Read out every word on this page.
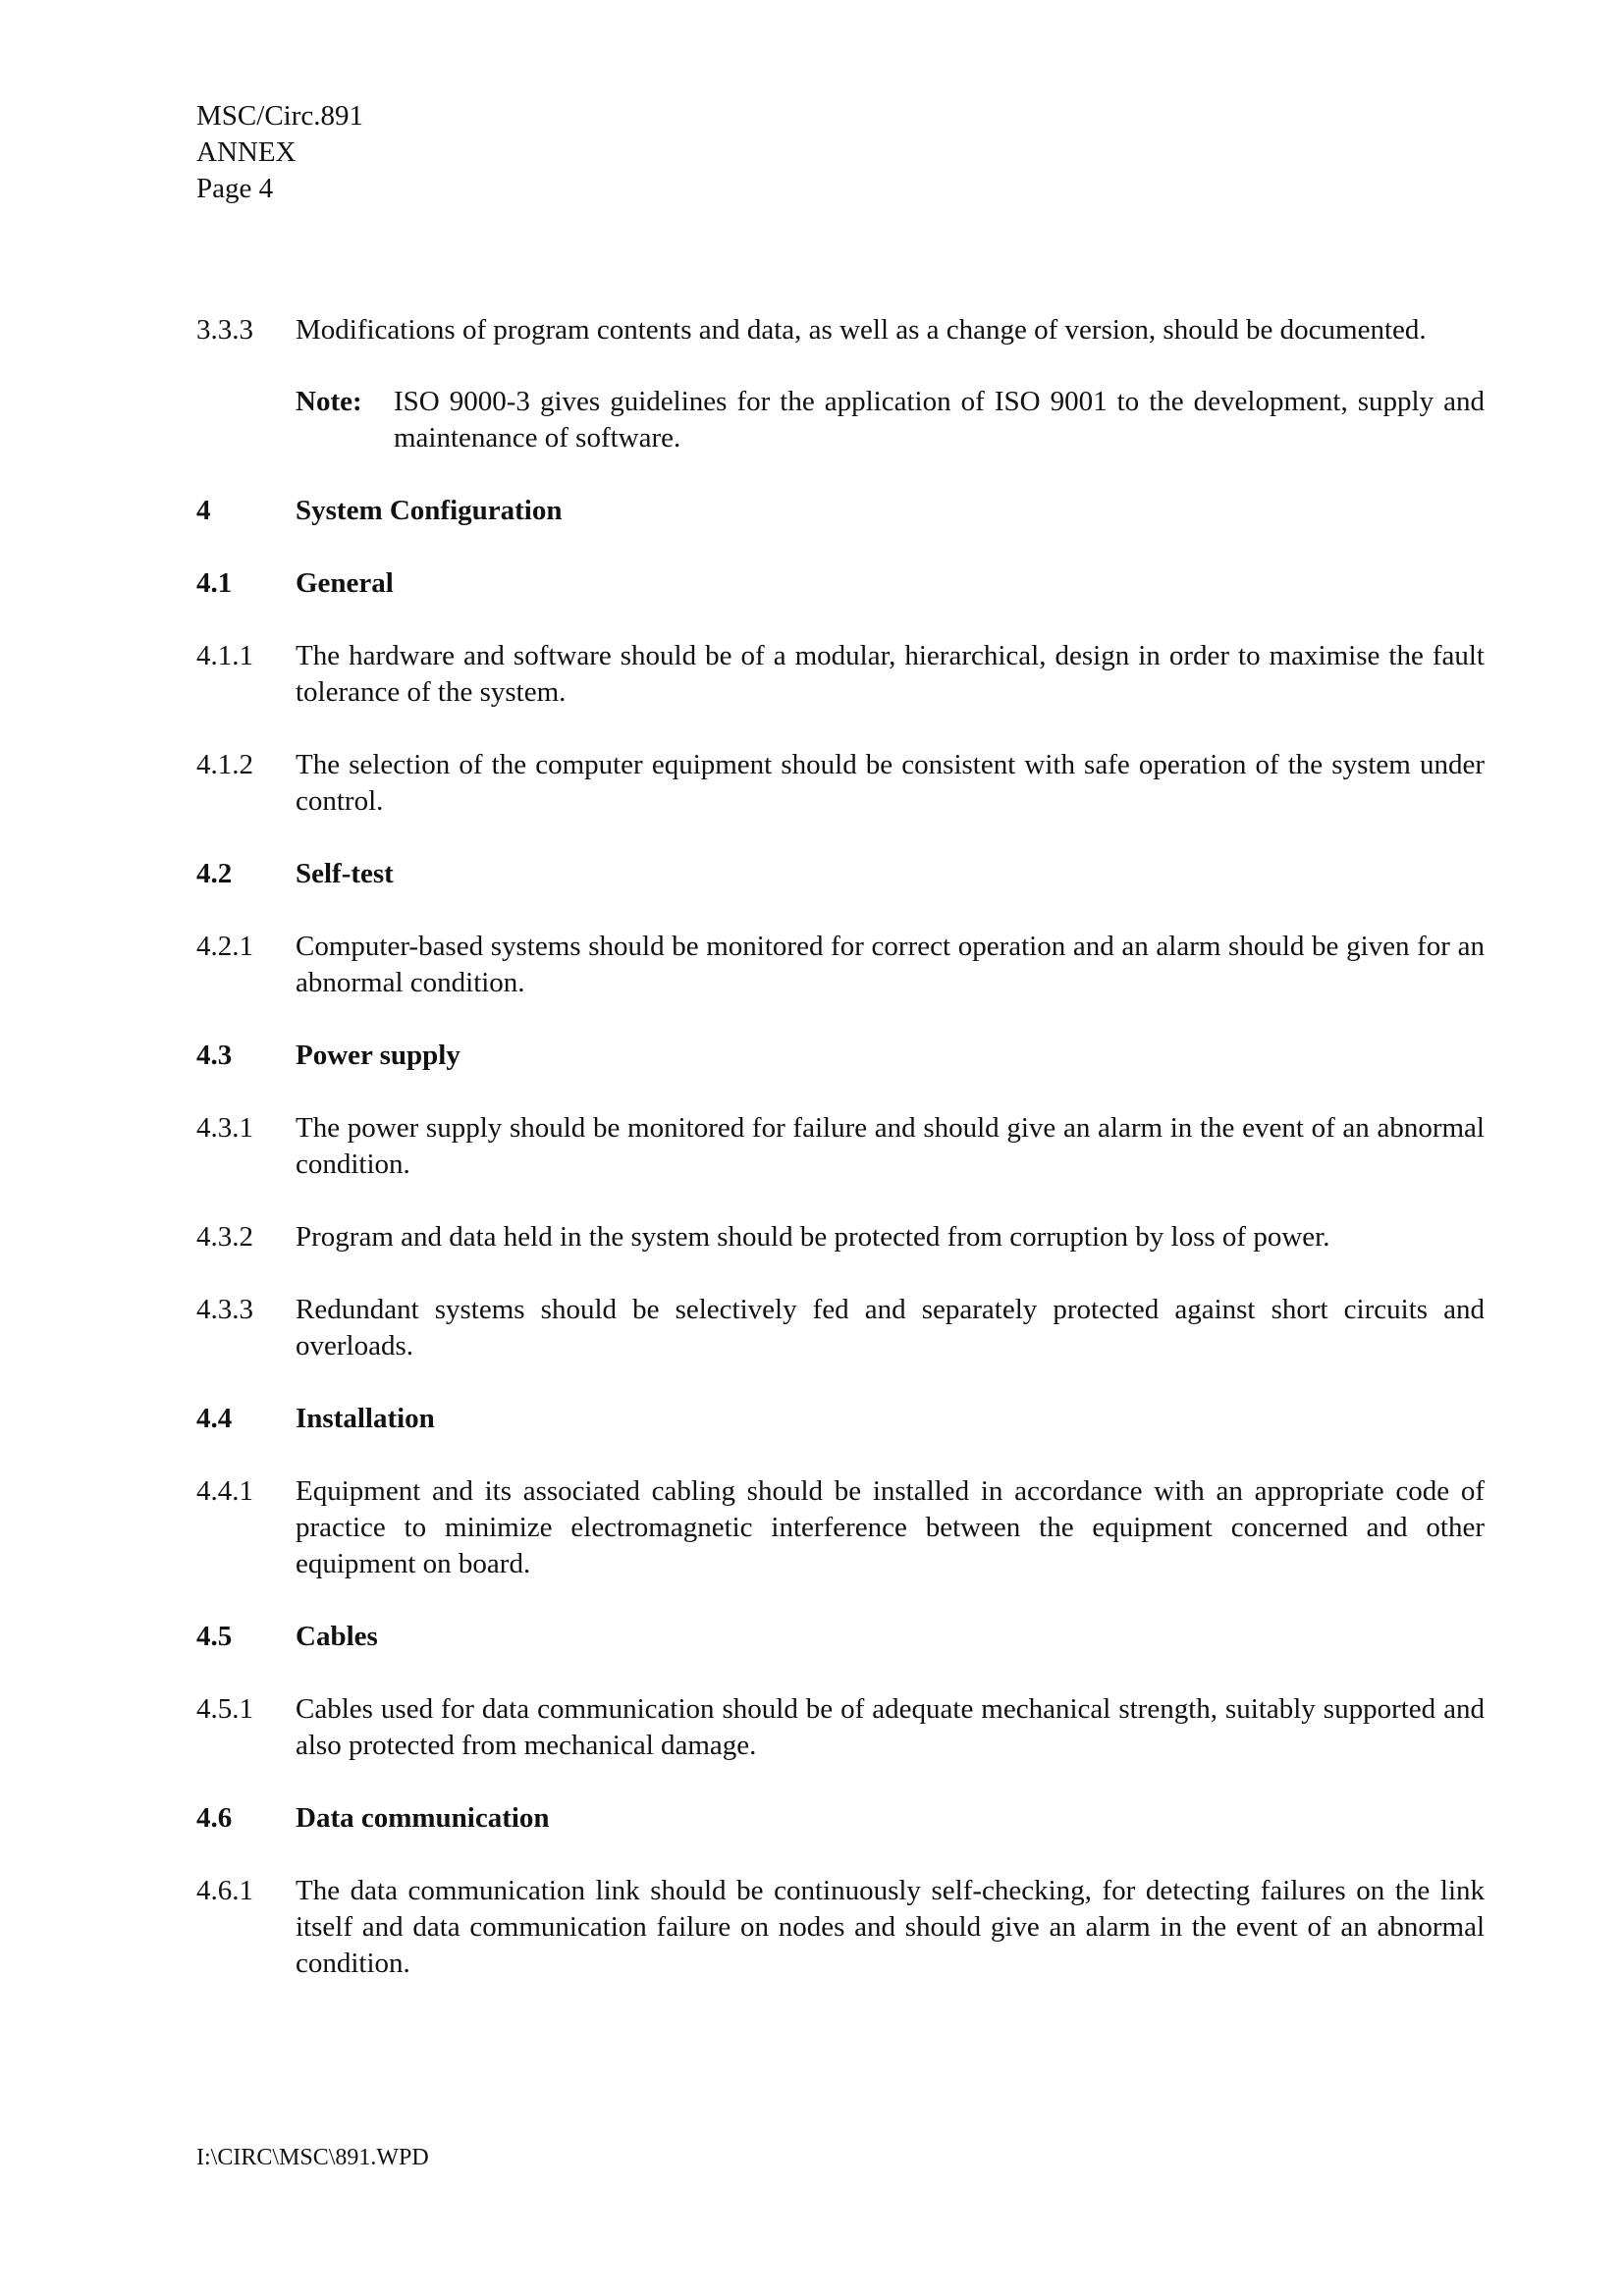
MSC/Circ.891
ANNEX
Page 4
3.3.3	Modifications of program contents and data, as well as a change of version, should be documented.
Note:	ISO 9000-3 gives guidelines for the application of ISO 9001 to the development, supply and maintenance of software.
4	System Configuration
4.1	General
4.1.1	The hardware and software should be of a modular, hierarchical, design in order to maximise the fault tolerance of the system.
4.1.2	The selection of the computer equipment should be consistent with safe operation of the system under control.
4.2	Self-test
4.2.1	Computer-based systems should be monitored for correct operation and an alarm should be given for an abnormal condition.
4.3	Power supply
4.3.1	The power supply should be monitored for failure and should give an alarm in the event of an abnormal condition.
4.3.2	Program and data held in the system should be protected from corruption by loss of power.
4.3.3	Redundant systems should be selectively fed and separately protected against short circuits and overloads.
4.4	Installation
4.4.1	Equipment and its associated cabling should be installed in accordance with an appropriate code of practice to minimize electromagnetic interference between the equipment concerned and other equipment on board.
4.5	Cables
4.5.1	Cables used for data communication should be of adequate mechanical strength, suitably supported and also protected from mechanical damage.
4.6	Data communication
4.6.1	The data communication link should be continuously self-checking, for detecting failures on the link itself and data communication failure on nodes and should give an alarm in the event of an abnormal condition.
I:\CIRC\MSC\891.WPD
